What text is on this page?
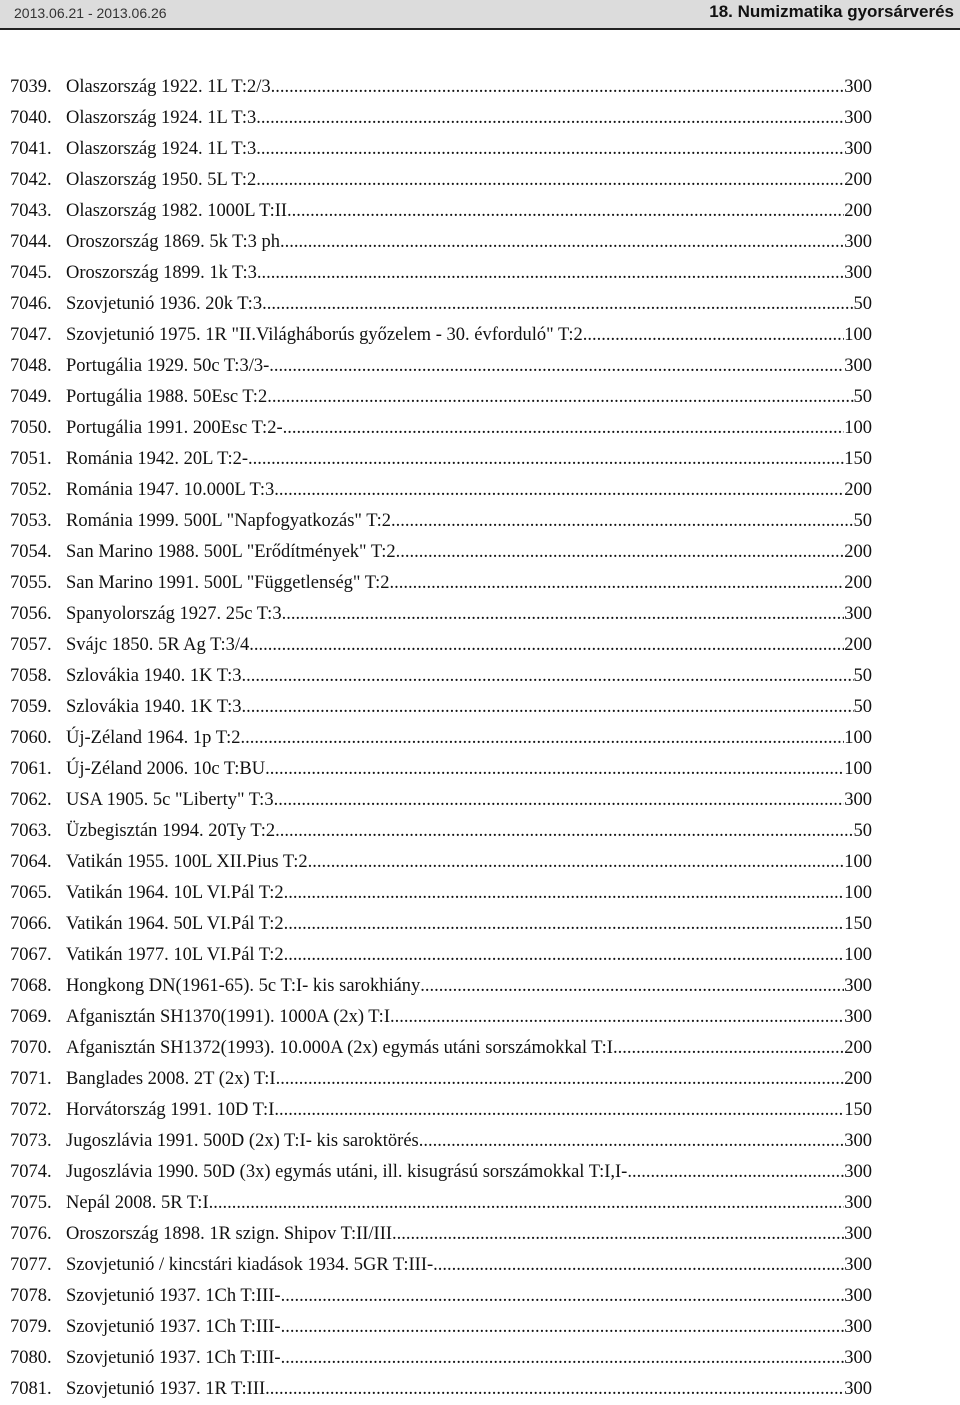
2013.06.21 - 2013.06.26	18. Numizmatika gyorsárverés
7039. Olaszország 1922. 1L T:2/3 .....	300
7040. Olaszország 1924. 1L T:3 .....	300
7041. Olaszország 1924. 1L T:3 .....	300
7042. Olaszország 1950. 5L T:2 .....	200
7043. Olaszország 1982. 1000L T:II .....	200
7044. Oroszország 1869. 5k T:3 ph. .....	300
7045. Oroszország 1899. 1k T:3 .....	300
7046. Szovjetunió 1936. 20k T:3 .....	50
7047. Szovjetunió 1975. 1R "II.Világháborús győzelem - 30. évforduló" T:2 .....	100
7048. Portugália 1929. 50c T:3/3- .....	300
7049. Portugália 1988. 50Esc T:2 .....	50
7050. Portugália 1991. 200Esc T:2- .....	100
7051. Románia 1942. 20L T:2- .....	150
7052. Románia 1947. 10.000L T:3 .....	200
7053. Románia 1999. 500L "Napfogyatkozás" T:2 .....	50
7054. San Marino 1988. 500L "Erődítmények" T:2 .....	200
7055. San Marino 1991. 500L "Függetlenség" T:2 .....	200
7056. Spanyolország 1927. 25c T:3 .....	300
7057. Svájc 1850. 5R Ag T:3/4 .....	200
7058. Szlovákia 1940. 1K T:3 .....	50
7059. Szlovákia 1940. 1K T:3 .....	50
7060. Új-Zéland 1964. 1p T:2 .....	100
7061. Új-Zéland 2006. 10c T:BU .....	100
7062. USA 1905. 5c "Liberty" T:3 .....	300
7063. Üzbegisztán 1994. 20Ty T:2 .....	50
7064. Vatikán 1955. 100L XII.Pius T:2 .....	100
7065. Vatikán 1964. 10L VI.Pál T:2 .....	100
7066. Vatikán 1964. 50L VI.Pál T:2 .....	150
7067. Vatikán 1977. 10L VI.Pál T:2 .....	100
7068. Hongkong DN(1961-65). 5c T:I- kis sarokhiány .....	300
7069. Afganisztán SH1370(1991). 1000A (2x) T:I .....	300
7070. Afganisztán SH1372(1993). 10.000A (2x) egymás utáni sorszámokkal T:I .....	200
7071. Banglades 2008. 2T (2x) T:I .....	200
7072. Horvátország 1991. 10D T:I .....	150
7073. Jugoszlávia 1991. 500D (2x) T:I- kis saroktörés .....	300
7074. Jugoszlávia 1990. 50D (3x) egymás utáni, ill. kisugrású sorszámokkal T:I,I- .....	300
7075. Nepál 2008. 5R T:I .....	300
7076. Oroszország 1898. 1R szign. Shipov T:II/III .....	300
7077. Szovjetunió / kincstári kiadások 1934. 5GR T:III- .....	300
7078. Szovjetunió 1937. 1Ch T:III- .....	300
7079. Szovjetunió 1937. 1Ch T:III- .....	300
7080. Szovjetunió 1937. 1Ch T:III- .....	300
7081. Szovjetunió 1937. 1R T:III .....	300
